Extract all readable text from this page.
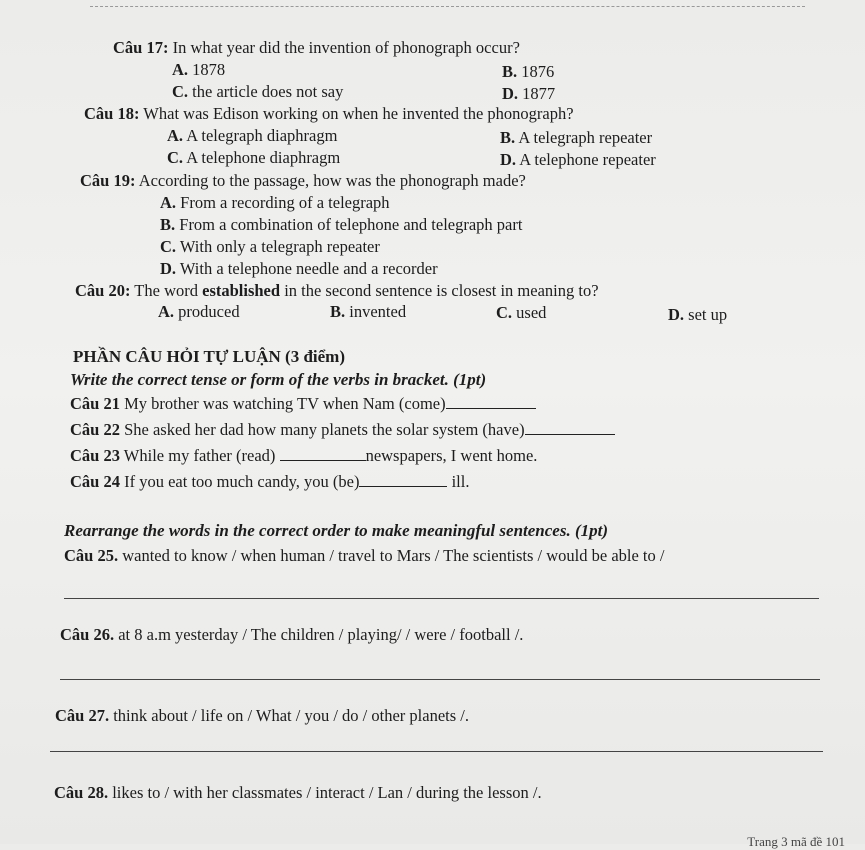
Câu 17: In what year did the invention of phonograph occur?
A. 1878	B. 1876
C. the article does not say	D. 1877
Câu 18: What was Edison working on when he invented the phonograph?
A. A telegraph diaphragm	B. A telegraph repeater
C. A telephone diaphragm	D. A telephone repeater
Câu 19: According to the passage, how was the phonograph made?
A. From a recording of a telegraph
B. From a combination of telephone and telegraph part
C. With only a telegraph repeater
D. With a telephone needle and a recorder
Câu 20: The word established in the second sentence is closest in meaning to?
A. produced	B. invented	C. used	D. set up
PHẦN CÂU HỎI TỰ LUẬN (3 điểm)
Write the correct tense or form of the verbs in bracket. (1pt)
Câu 21 My brother was watching TV when Nam (come)
Câu 22 She asked her dad how many planets the solar system (have)
Câu 23 While my father (read)	newspapers, I went home.
Câu 24 If you eat too much candy, you (be)	ill.
Rearrange the words in the correct order to make meaningful sentences. (1pt)
Câu 25. wanted to know / when human / travel to Mars / The scientists / would be able to /
Câu 26. at 8 a.m yesterday / The children / playing/ / were / football /.
Câu 27. think about / life on / What / you / do / other planets /.
Câu 28. likes to / with her classmates / interact / Lan / during the lesson /.
Trang 3 mã đề 101
